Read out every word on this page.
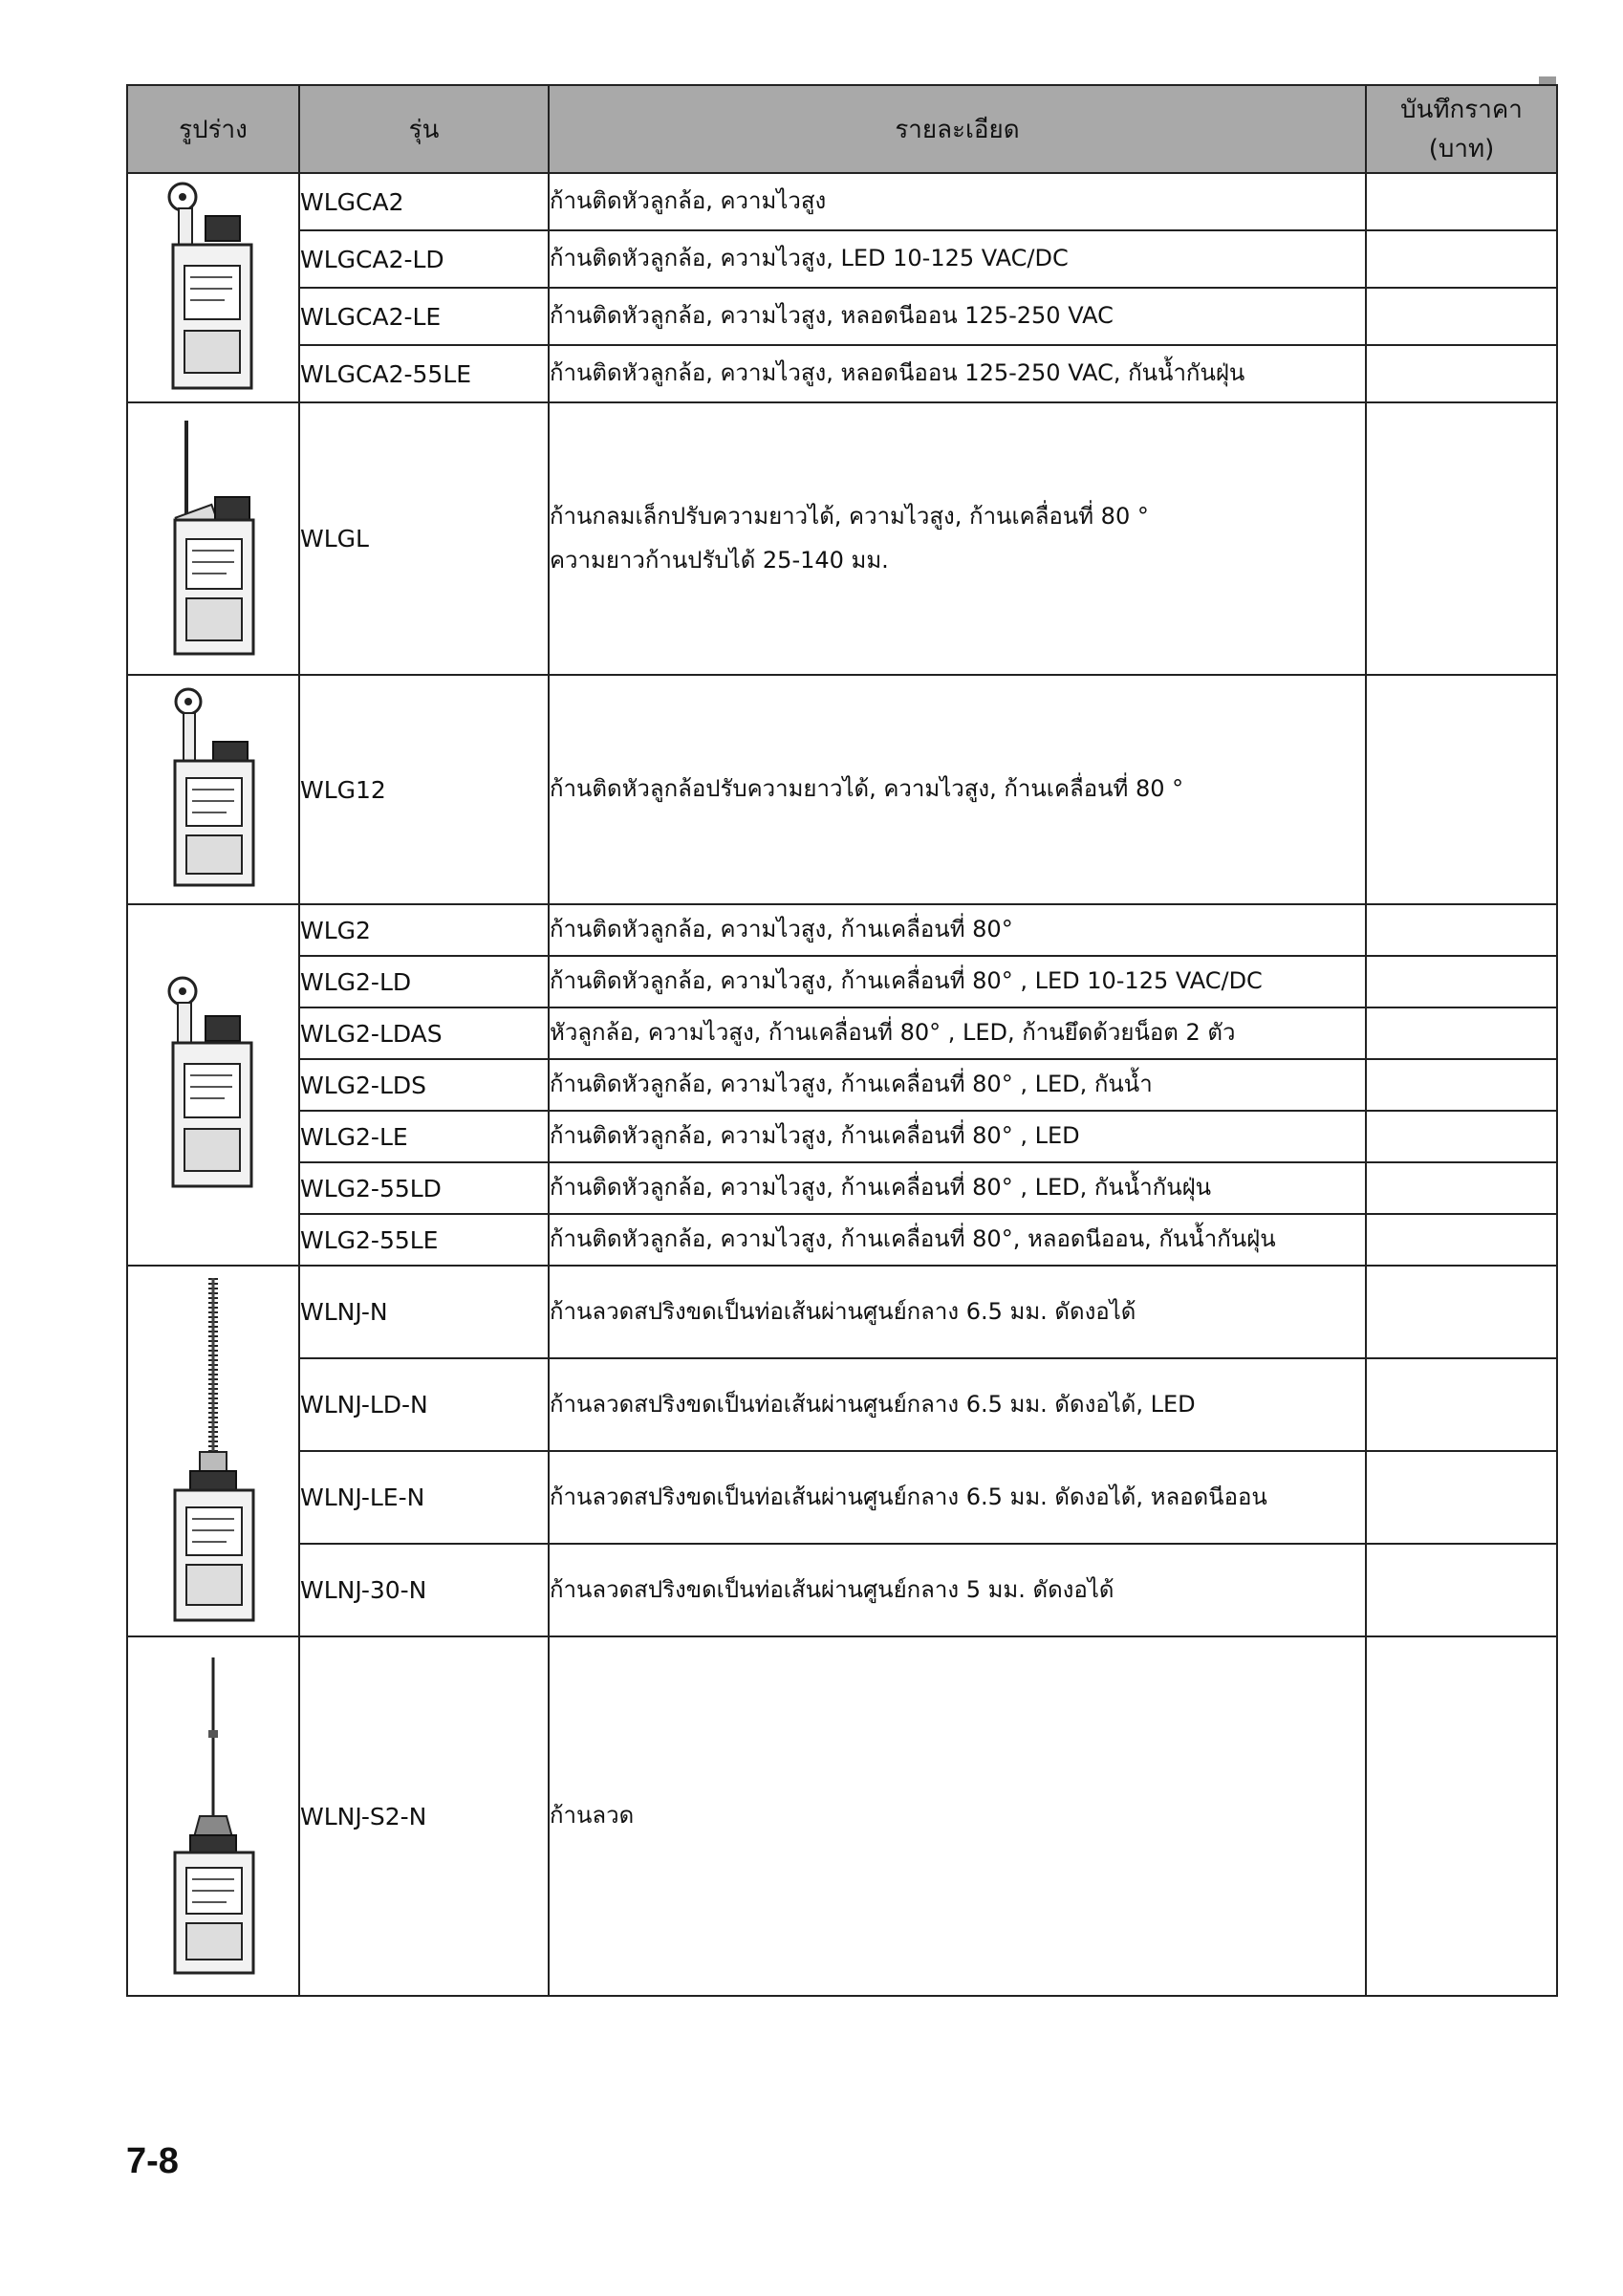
รูปร่าง	รุ่น	รายละเอียด	บันทึกราคา
(บาท)

	WLGCA2	ก้านติดหัวลูกล้อ, ความไวสูง	
	WLGCA2-LD	ก้านติดหัวลูกล้อ, ความไวสูง, LED 10-125 VAC/DC	
	WLGCA2-LE	ก้านติดหัวลูกล้อ, ความไวสูง, หลอดนีออน 125-250 VAC	
	WLGCA2-55LE	ก้านติดหัวลูกล้อ, ความไวสูง, หลอดนีออน 125-250 VAC, กันน้ำกันฝุ่น	

	WLGL	ก้านกลมเล็กปรับความยาวได้, ความไวสูง, ก้านเคลื่อนที่ 80 °
ความยาวก้านปรับได้ 25-140 มม.	

	WLG12	ก้านติดหัวลูกล้อปรับความยาวได้, ความไวสูง, ก้านเคลื่อนที่ 80 °	

	WLG2	ก้านติดหัวลูกล้อ, ความไวสูง, ก้านเคลื่อนที่ 80°	
	WLG2-LD	ก้านติดหัวลูกล้อ, ความไวสูง, ก้านเคลื่อนที่ 80° , LED 10-125 VAC/DC	
	WLG2-LDAS	หัวลูกล้อ, ความไวสูง, ก้านเคลื่อนที่ 80° , LED, ก้านยึดด้วยน็อต 2 ตัว	
	WLG2-LDS	ก้านติดหัวลูกล้อ, ความไวสูง, ก้านเคลื่อนที่ 80° , LED, กันน้ำ	
	WLG2-LE	ก้านติดหัวลูกล้อ, ความไวสูง, ก้านเคลื่อนที่ 80° , LED	
	WLG2-55LD	ก้านติดหัวลูกล้อ, ความไวสูง, ก้านเคลื่อนที่ 80° , LED, กันน้ำกันฝุ่น	
	WLG2-55LE	ก้านติดหัวลูกล้อ, ความไวสูง, ก้านเคลื่อนที่ 80°, หลอดนีออน, กันน้ำกันฝุ่น	

	WLNJ-N	ก้านลวดสปริงขดเป็นท่อเส้นผ่านศูนย์กลาง 6.5 มม. ดัดงอได้	
	WLNJ-LD-N	ก้านลวดสปริงขดเป็นท่อเส้นผ่านศูนย์กลาง 6.5 มม. ดัดงอได้, LED	
	WLNJ-LE-N	ก้านลวดสปริงขดเป็นท่อเส้นผ่านศูนย์กลาง 6.5 มม. ดัดงอได้, หลอดนีออน	
	WLNJ-30-N	ก้านลวดสปริงขดเป็นท่อเส้นผ่านศูนย์กลาง 5 มม. ดัดงอได้	

	WLNJ-S2-N	ก้านลวด	
7-8
